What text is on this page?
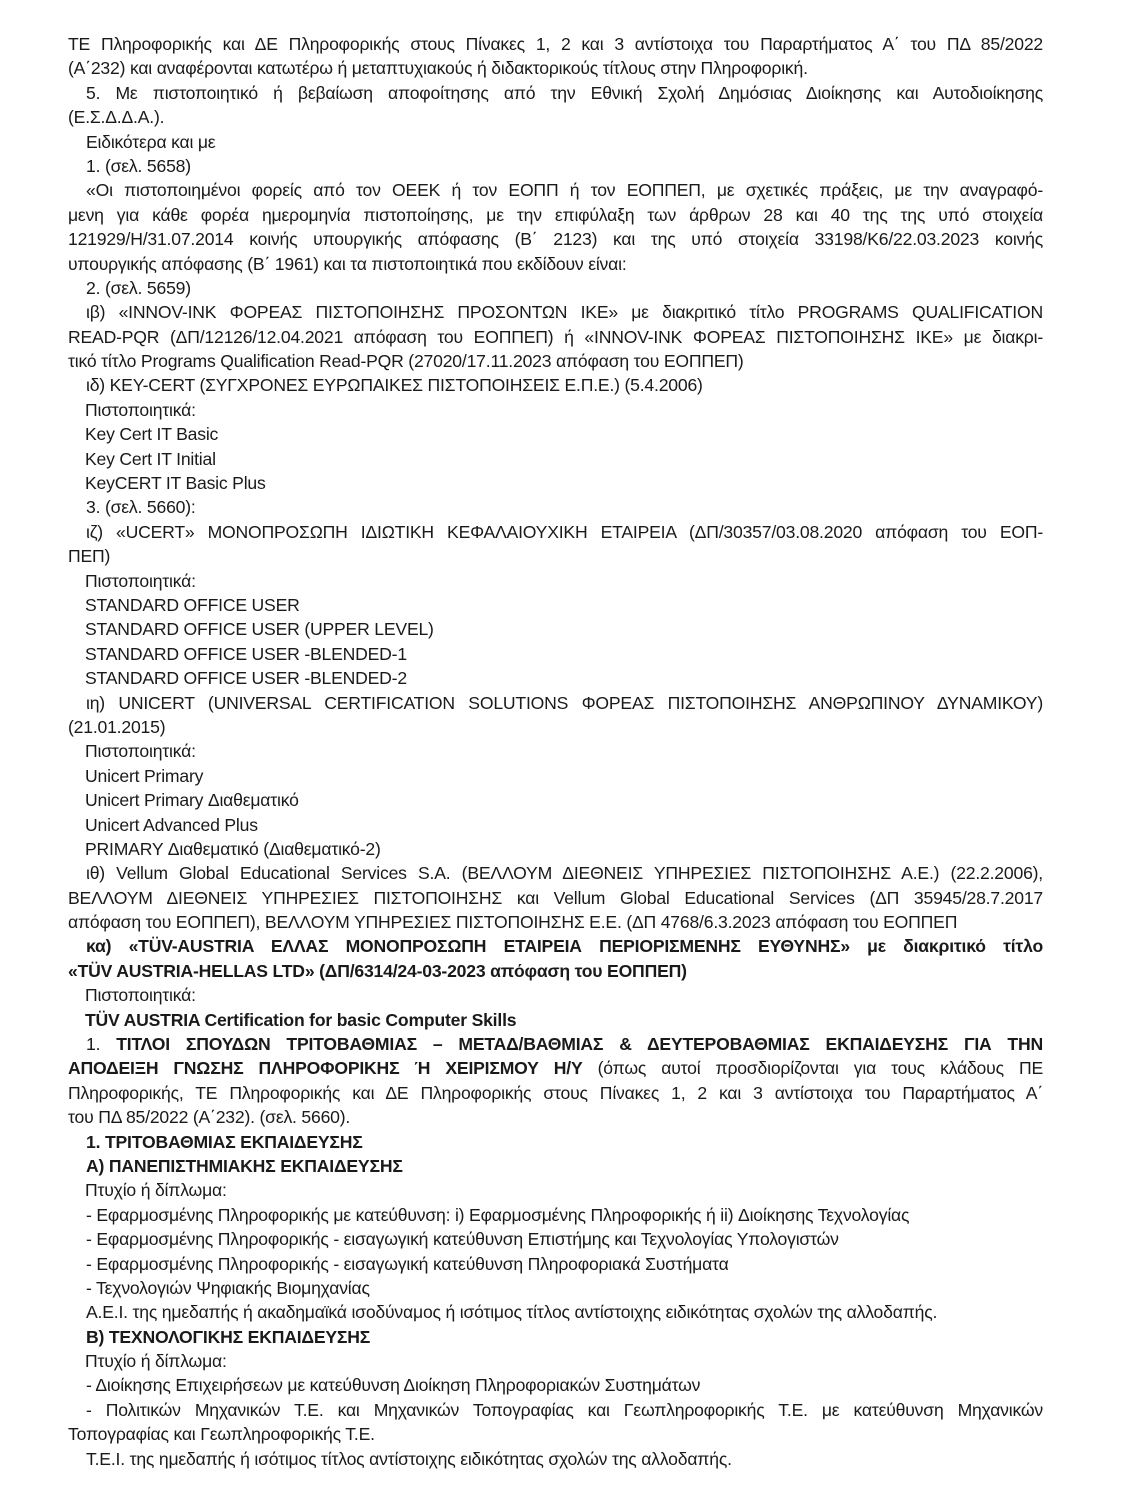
ΤΕ Πληροφορικής και ΔΕ Πληροφορικής στους Πίνακες 1, 2 και 3 αντίστοιχα του Παραρτήματος Α΄ του ΠΔ 85/2022
(Α΄232) και αναφέρονται κατωτέρω ή μεταπτυχιακούς ή διδακτορικούς τίτλους στην Πληροφορική.
5. Με πιστοποιητικό ή βεβαίωση αποφοίτησης από την Εθνική Σχολή Δημόσιας Διοίκησης και Αυτοδιοίκησης
(Ε.Σ.Δ.Δ.Α.).
Ειδικότερα και με
1. (σελ. 5658)
«Οι πιστοποιημένοι φορείς από τον ΟΕΕΚ ή τον ΕΟΠΠ ή τον ΕΟΠΠΕΠ, με σχετικές πράξεις, με την αναγραφό-
μενη για κάθε φορέα ημερομηνία πιστοποίησης, με την επιφύλαξη των άρθρων 28 και 40 της της υπό στοιχεία
121929/Η/31.07.2014 κοινής υπουργικής απόφασης (Β΄ 2123) και της υπό στοιχεία 33198/Κ6/22.03.2023 κοινής
υπουργικής απόφασης (Β΄ 1961) και τα πιστοποιητικά που εκδίδουν είναι:
2. (σελ. 5659)
ιβ) «INNOV-INK ΦΟΡΕΑΣ ΠΙΣΤΟΠΟΙΗΣΗΣ ΠΡΟΣΟΝΤΩΝ ΙΚΕ» με διακριτικό τίτλο PROGRAMS QUALIFICATION
READ-PQR (ΔΠ/12126/12.04.2021 απόφαση του ΕΟΠΠΕΠ) ή «INNOV-INK ΦΟΡΕΑΣ ΠΙΣΤΟΠΟΙΗΣΗΣ ΙΚΕ» με διακρι-
τικό τίτλο Programs Qualification Read-PQR (27020/17.11.2023 απόφαση του ΕΟΠΠΕΠ)
ιδ) KEY-CERT (ΣΥΓΧΡΟΝΕΣ ΕΥΡΩΠΑΙΚΕΣ ΠΙΣΤΟΠΟΙΗΣΕΙΣ Ε.Π.Ε.) (5.4.2006)
Πιστοποιητικά:
Key Cert IT Basic
Key Cert IT Initial
KeyCERT IT Basic Plus
3. (σελ. 5660):
ιζ) «UCERT» ΜΟΝΟΠΡΟΣΩΠΗ ΙΔΙΩΤΙΚΗ ΚΕΦΑΛΑΙΟΥΧΙΚΗ ΕΤΑΙΡΕΙΑ (ΔΠ/30357/03.08.2020 απόφαση του ΕΟΠ-
ΠΕΠ)
Πιστοποιητικά:
STANDARD OFFICE USER
STANDARD OFFICE USER (UPPER LEVEL)
STANDARD OFFICE USER -BLENDED-1
STANDARD OFFICE USER -BLENDED-2
ιη) UNICERT (UNIVERSAL CERTIFICATION SOLUTIONS ΦΟΡΕΑΣ ΠΙΣΤΟΠΟΙΗΣΗΣ ΑΝΘΡΩΠΙΝΟΥ ΔΥΝΑΜΙΚΟΥ)
(21.01.2015)
Πιστοποιητικά:
Unicert Primary
Unicert Primary Διαθεματικό
Unicert Advanced Plus
PRIMARY Διαθεματικό (Διαθεματικό-2)
ιθ) Vellum Global Educational Services S.A. (ΒΕΛΛΟΥΜ ΔΙΕΘΝΕΙΣ ΥΠΗΡΕΣΙΕΣ ΠΙΣΤΟΠΟΙΗΣΗΣ Α.Ε.) (22.2.2006),
ΒΕΛΛΟΥΜ ΔΙΕΘΝΕΙΣ ΥΠΗΡΕΣΙΕΣ ΠΙΣΤΟΠΟΙΗΣΗΣ και Vellum Global Educational Services (ΔΠ 35945/28.7.2017
απόφαση του ΕΟΠΠΕΠ), ΒΕΛΛΟΥΜ ΥΠΗΡΕΣΙΕΣ ΠΙΣΤΟΠΟΙΗΣΗΣ Ε.Ε. (ΔΠ 4768/6.3.2023 απόφαση του ΕΟΠΠΕΠ
κα) «TÜV-AUSTRIA ΕΛΛΑΣ ΜΟΝΟΠΡΟΣΩΠΗ ΕΤΑΙΡΕΙΑ ΠΕΡΙΟΡΙΣΜΕΝΗΣ ΕΥΘΥΝΗΣ» με διακριτικό τίτλο
«TÜV AUSTRIA-HELLAS LTD» (ΔΠ/6314/24-03-2023 απόφαση του ΕΟΠΠΕΠ)
Πιστοποιητικά:
TÜV AUSTRIA Certification for basic Computer Skills
1. ΤΙΤΛΟΙ ΣΠΟΥΔΩΝ ΤΡΙΤΟΒΑΘΜΙΑΣ – ΜΕΤΑΔ/ΒΑΘΜΙΑΣ & ΔΕΥΤΕΡΟΒΑΘΜΙΑΣ ΕΚΠΑΙΔΕΥΣΗΣ ΓΙΑ ΤΗΝ
ΑΠΟΔΕΙΞΗ ΓΝΩΣΗΣ ΠΛΗΡΟΦΟΡΙΚΗΣ Ή ΧΕΙΡΙΣΜΟΥ Η/Υ (όπως αυτοί προσδιορίζονται για τους κλάδους ΠΕ
Πληροφορικής, ΤΕ Πληροφορικής και ΔΕ Πληροφορικής στους Πίνακες 1, 2 και 3 αντίστοιχα του Παραρτήματος Α΄
του ΠΔ 85/2022 (Α΄232). (σελ. 5660).
1. ΤΡΙΤΟΒΑΘΜΙΑΣ ΕΚΠΑΙΔΕΥΣΗΣ
Α) ΠΑΝΕΠΙΣΤΗΜΙΑΚΗΣ ΕΚΠΑΙΔΕΥΣΗΣ
Πτυχίο ή δίπλωμα:
- Εφαρμοσμένης Πληροφορικής με κατεύθυνση: i) Εφαρμοσμένης Πληροφορικής ή ii) Διοίκησης Τεχνολογίας
- Εφαρμοσμένης Πληροφορικής - εισαγωγική κατεύθυνση Επιστήμης και Τεχνολογίας Υπολογιστών
- Εφαρμοσμένης Πληροφορικής - εισαγωγική κατεύθυνση Πληροφοριακά Συστήματα
- Τεχνολογιών Ψηφιακής Βιομηχανίας
Α.Ε.Ι. της ημεδαπής ή ακαδημαϊκά ισοδύναμος ή ισότιμος τίτλος αντίστοιχης ειδικότητας σχολών της αλλοδαπής.
Β) ΤΕΧΝΟΛΟΓΙΚΗΣ ΕΚΠΑΙΔΕΥΣΗΣ
Πτυχίο ή δίπλωμα:
- Διοίκησης Επιχειρήσεων με κατεύθυνση Διοίκηση Πληροφοριακών Συστημάτων
- Πολιτικών Μηχανικών Τ.Ε. και Μηχανικών Τοπογραφίας και Γεωπληροφορικής Τ.Ε. με κατεύθυνση Μηχανικών
Τοπογραφίας και Γεωπληροφορικής Τ.Ε.
Τ.Ε.Ι. της ημεδαπής ή ισότιμος τίτλος αντίστοιχης ειδικότητας σχολών της αλλοδαπής.
